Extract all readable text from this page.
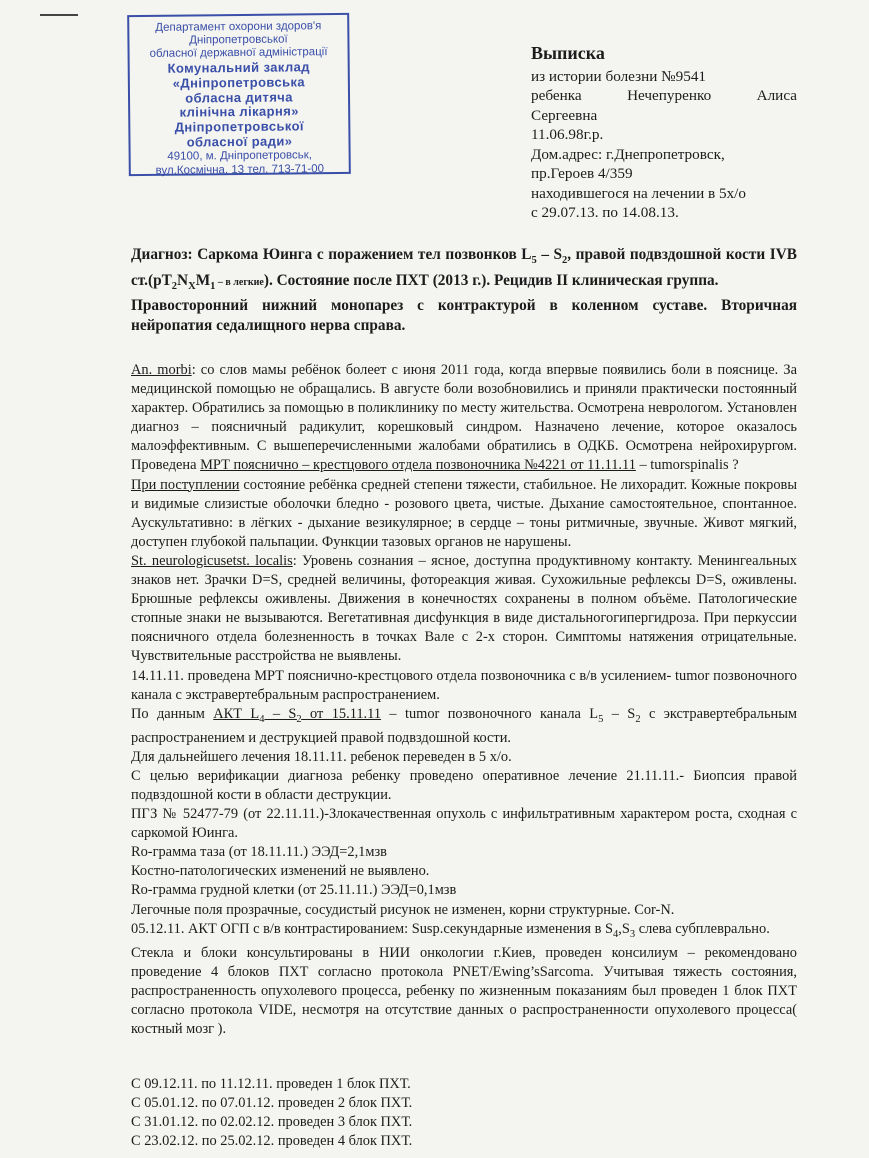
Департамент охорони здоров'я
Дніпропетровської
обласної державної адміністрації
Комунальний заклад
«Дніпропетровська
обласна дитяча
клінічна лікарня»
Дніпропетровської
обласної ради»
49100, м. Дніпропетровськ,
вул.Космічна, 13 тел. 713-71-00
Выписка
из истории болезни №9541
ребенка	Нечепуренко	Алиса
Сергеевна
11.06.98г.р.
Дом.адрес: г.Днепропетровск,
пр.Героев 4/359
находившегося на лечении в 5х/о
с 29.07.13. по 14.08.13.
Диагноз: Саркома Юинга с поражением тел позвонков $L_5 - S_2$, правой подвздошной кости IVB $ст.(pT_2N_XM_1$ – в легкие). Состояние после ПХТ (2013 г.). Рецидив II клиническая группа.
Правосторонний нижний монопарез с контрактурой в коленном суставе. Вторичная нейропатия седалищного нерва справа.

An. morbi: со слов мамы ребёнок болеет с июня 2011 года, когда впервые появились боли в пояснице. За медицинской помощью не обращались. В августе боли возобновились и приняли практически постоянный характер. Обратились за помощью в поликлинику по месту жительства. Осмотрена неврологом. Установлен диагноз – поясничный радикулит, корешковый синдром. Назначено лечение, которое оказалось малоэффективным. С вышеперечисленными жалобами обратились в ОДКБ. Осмотрена нейрохирургом. Проведена МРТ пояснично – крестцового отдела позвоночника №4221 от 11.11.11 – tumorspinalis ?

При поступлении состояние ребёнка средней степени тяжести, стабильное. Не лихорадит. Кожные покровы и видимые слизистые оболочки бледно - розового цвета, чистые. Дыхание самостоятельное, спонтанное. Аускультативно: в лёгких - дыхание везикулярное; в сердце – тоны ритмичные, звучные. Живот мягкий, доступен глубокой пальпации. Функции тазовых органов не нарушены.

St. neurologicusetst. localis: Уровень сознания – ясное, доступна продуктивному контакту. Менингеальных знаков нет. Зрачки D=S, средней величины, фотореакция живая. Сухожильные рефлексы D=S, оживлены. Брюшные рефлексы оживлены. Движения в конечностях сохранены в полном объёме. Патологические стопные знаки не вызываются. Вегетативная дисфункция в виде дистальногогипергидроза. При перкуссии поясничного отдела болезненность в точках Вале с 2-х сторон. Симптомы натяжения отрицательные. Чувствительные расстройства не выявлены.

14.11.11. проведена МРТ пояснично-крестцового отдела позвоночника с в/в усилением- tumor позвоночного канала с экстравертебральным распространением.

По данным АКТ $L_4 - S_2$ от 15.11.11 – tumor позвоночного канала $L_5 - S_2$ с экстравертебральным распространением и деструкцией правой подвздошной кости.

Для дальнейшего лечения 18.11.11. ребенок переведен в 5 х/о.

С целью верификации диагноза ребенку проведено оперативное лечение 21.11.11.- Биопсия правой подвздошной кости в области деструкции.

ПГЗ № 52477-79 (от 22.11.11.)-Злокачественная опухоль с инфильтративным характером роста, сходная с саркомой Юинга.

Ro-грамма таза (от 18.11.11.) ЭЭД=2,1мзв

Костно-патологических изменений не выявлено.

Ro-грамма грудной клетки (от 25.11.11.) ЭЭД=0,1мзв

Легочные поля прозрачные, сосудистый рисунок не изменен, корни структурные. Cor-N.

05.12.11. АКТ ОГП с в/в контрастированием: Susp.секундарные изменения в $S_4,S_3$ слева субплеврально.

Стекла и блоки консультированы в НИИ онкологии г.Киев, проведен консилиум – рекомендовано проведение 4 блоков ПХТ согласно протокола PNET/Ewing’sSarcoma. Учитывая тяжесть состояния, распространенность опухолевого процесса, ребенку по жизненным показаниям был проведен 1 блок ПХТ согласно протокола VIDE, несмотря на отсутствие данных о распространенности опухолевого процесса( костный мозг ).

С 09.12.11. по 11.12.11. проведен 1 блок ПХТ.
С 05.01.12. по 07.01.12. проведен 2 блок ПХТ.
С 31.01.12. по 02.02.12. проведен 3 блок ПХТ.
С 23.02.12. по 25.02.12. проведен 4 блок ПХТ.
